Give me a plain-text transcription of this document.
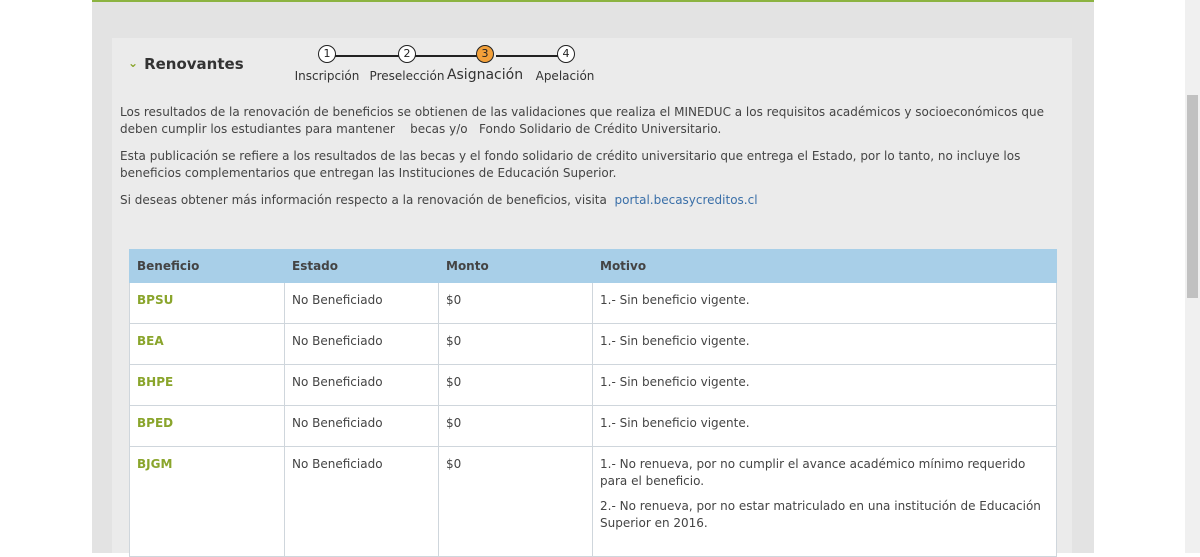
⌄ Renovantes
1	2	3	4
Inscripción Preselección Asignación Apelación

Los resultados de la renovación de beneficios se obtienen de las validaciones que realiza el MINEDUC a los requisitos académicos y socioeconómicos que deben cumplir los estudiantes para mantener    becas y/o   Fondo Solidario de Crédito Universitario.

Esta publicación se refiere a los resultados de las becas y el fondo solidario de crédito universitario que entrega el Estado, por lo tanto, no incluye los beneficios complementarios que entregan las Instituciones de Educación Superior.

Si deseas obtener más información respecto a la renovación de beneficios, visita portal.becasycreditos.cl

Beneficio	Estado	Monto	Motivo
BPSU	No Beneficiado	$0	1.- Sin beneficio vigente.

BEA	No Beneficiado	$0	1.- Sin beneficio vigente.

BHPE	No Beneficiado	$0	1.- Sin beneficio vigente.

BPED	No Beneficiado	$0	1.- Sin beneficio vigente.

BJGM	No Beneficiado	$0	1.- No renueva, por no cumplir el avance académico mínimo requerido para el beneficio.
2.- No renueva, por no estar matriculado en una institución de Educación Superior en 2016.
